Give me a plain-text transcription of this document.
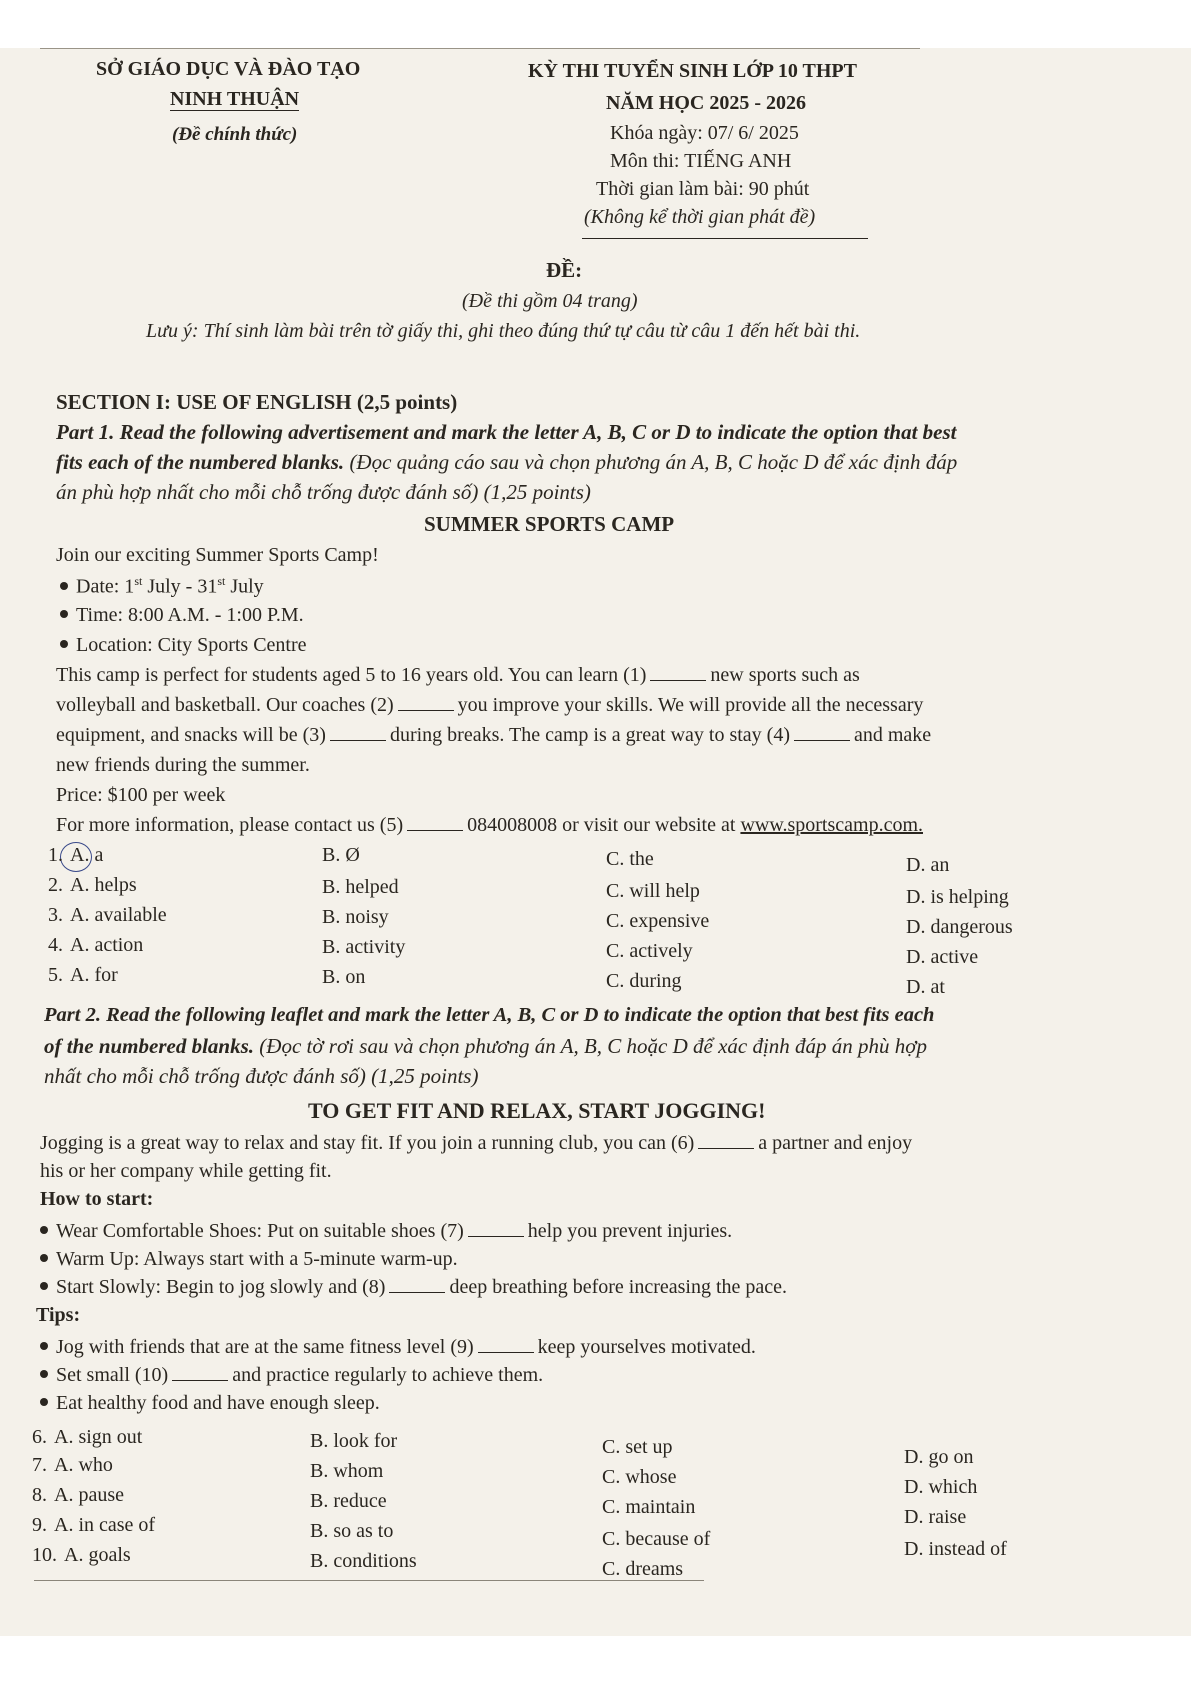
SỞ GIÁO DỤC VÀ ĐÀO TẠO
NINH THUẬN
(Đề chính thức)
KỲ THI TUYỂN SINH LỚP 10 THPT
NĂM HỌC 2025 - 2026
Khóa ngày: 07/ 6/ 2025
Môn thi: TIẾNG ANH
Thời gian làm bài: 90 phút
(Không kể thời gian phát đề)
ĐỀ:
(Đề thi gồm 04 trang)
Lưu ý: Thí sinh làm bài trên tờ giấy thi, ghi theo đúng thứ tự câu từ câu 1 đến hết bài thi.
SECTION I: USE OF ENGLISH (2,5 points)
Part 1. Read the following advertisement and mark the letter A, B, C or D to indicate the option that best
fits each of the numbered blanks. (Đọc quảng cáo sau và chọn phương án A, B, C hoặc D để xác định đáp
án phù hợp nhất cho mỗi chỗ trống được đánh số) (1,25 points)
SUMMER SPORTS CAMP
Join our exciting Summer Sports Camp!
Date: 1st July - 31st July
Time: 8:00 A.M. - 1:00 P.M.
Location: City Sports Centre
This camp is perfect for students aged 5 to 16 years old. You can learn (1)	new sports such as
volleyball and basketball. Our coaches (2)	you improve your skills. We will provide all the necessary
equipment, and snacks will be (3)	during breaks. The camp is a great way to stay (4)	and make
new friends during the summer.
Price: $100 per week
For more information, please contact us (5)	084008008 or visit our website at www.sportscamp.com.
1. A. a	B. Ø	C. the	D. an
2. A. helps	B. helped	C. will help	D. is helping
3. A. available	B. noisy	C. expensive	D. dangerous
4. A. action	B. activity	C. actively	D. active
5. A. for	B. on	C. during	D. at
Part 2. Read the following leaflet and mark the letter A, B, C or D to indicate the option that best fits each
of the numbered blanks. (Đọc tờ rơi sau và chọn phương án A, B, C hoặc D để xác định đáp án phù hợp
nhất cho mỗi chỗ trống được đánh số) (1,25 points)
TO GET FIT AND RELAX, START JOGGING!
Jogging is a great way to relax and stay fit. If you join a running club, you can (6)	a partner and enjoy
his or her company while getting fit.
How to start:
Wear Comfortable Shoes: Put on suitable shoes (7)	help you prevent injuries.
Warm Up: Always start with a 5-minute warm-up.
Start Slowly: Begin to jog slowly and (8)	deep breathing before increasing the pace.
Tips:
Jog with friends that are at the same fitness level (9)	keep yourselves motivated.
Set small (10)	and practice regularly to achieve them.
Eat healthy food and have enough sleep.
6. A. sign out	B. look for	C. set up	D. go on
7. A. who	B. whom	C. whose	D. which
8. A. pause	B. reduce	C. maintain	D. raise
9. A. in case of	B. so as to	C. because of	D. instead of
10. A. goals	B. conditions	C. dreams
